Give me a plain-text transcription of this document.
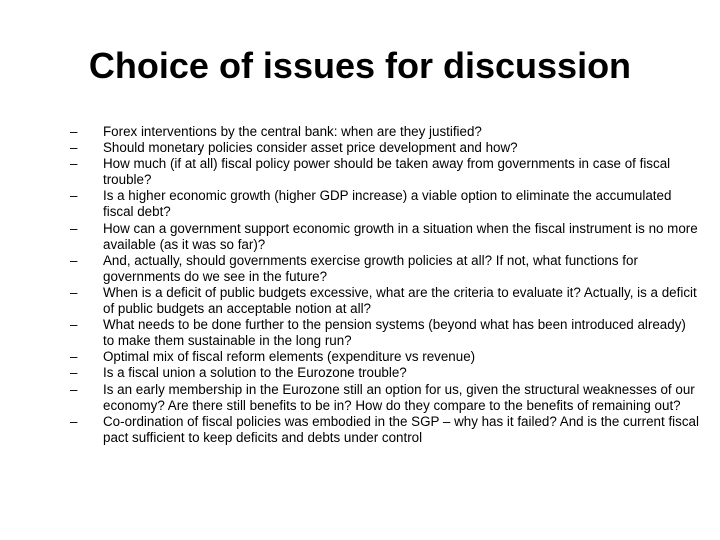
Choice of issues for discussion
–	Forex interventions by the central bank: when are they justified?
–	Should monetary policies consider asset price development and how?
–	How much (if at all) fiscal policy power should be taken away from governments in case of fiscal trouble?
–	Is a higher economic growth (higher GDP increase) a viable option to eliminate the accumulated fiscal debt?
–	How can a government support economic growth in a situation when the fiscal instrument is no more available (as it was so far)?
–	And, actually, should governments exercise growth policies at all? If not, what functions for governments do we see in the future?
–	When is a deficit of public budgets excessive, what are the criteria to evaluate it? Actually, is a deficit of public budgets an acceptable notion at all?
–	What needs to be done further to the pension systems (beyond what has been introduced already) to make them sustainable in the long run?
–	Optimal mix of fiscal reform elements (expenditure vs revenue)
–	Is a fiscal union a solution to the Eurozone trouble?
–	Is an early membership in the Eurozone still an option for us, given the structural weaknesses of our economy? Are there still benefits to be in? How do they compare to the benefits of remaining out?
–	Co-ordination of fiscal policies was embodied in the SGP – why has it failed? And is the current fiscal pact sufficient to keep deficits and debts under control
